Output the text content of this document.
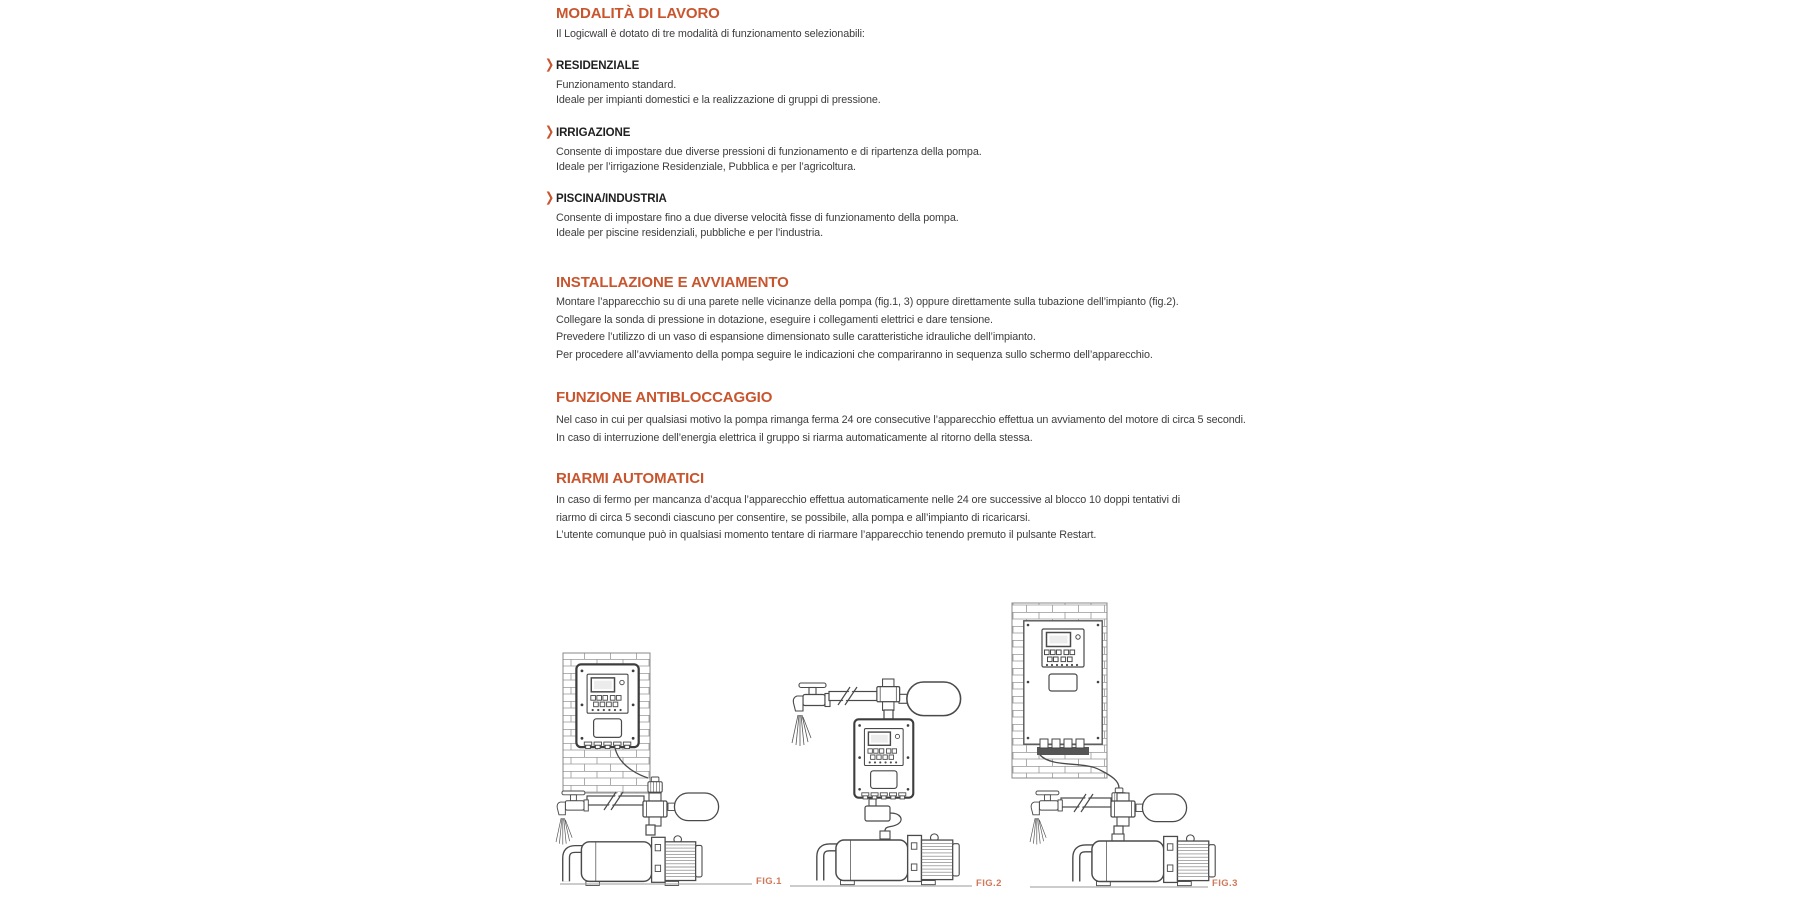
MODALITÀ DI LAVORO
Il Logicwall è dotato di tre modalità di funzionamento selezionabili:
❯ RESIDENZIALE
Funzionamento standard.
Ideale per impianti domestici e la realizzazione di gruppi di pressione.
❯ IRRIGAZIONE
Consente di impostare due diverse pressioni di funzionamento e di ripartenza della pompa.
Ideale per l’irrigazione Residenziale, Pubblica e per l’agricoltura.
❯ PISCINA/INDUSTRIA
Consente di impostare fino a due diverse velocità fisse di funzionamento della pompa.
Ideale per piscine residenziali, pubbliche e per l’industria.
INSTALLAZIONE E AVVIAMENTO
Montare l’apparecchio su di una parete nelle vicinanze della pompa (fig.1, 3) oppure direttamente sulla tubazione dell’impianto (fig.2).
Collegare la sonda di pressione in dotazione, eseguire i collegamenti elettrici e dare tensione.
Prevedere l’utilizzo di un vaso di espansione dimensionato sulle caratteristiche idrauliche dell’impianto.
Per procedere all’avviamento della pompa seguire le indicazioni che compariranno in sequenza sullo schermo dell’apparecchio.
FUNZIONE ANTIBLOCCAGGIO
Nel caso in cui per qualsiasi motivo la pompa rimanga ferma 24 ore consecutive l’apparecchio effettua un avviamento del motore di circa 5 secondi.
In caso di interruzione dell’energia elettrica il gruppo si riarma automaticamente al ritorno della stessa.
RIARMI AUTOMATICI
In caso di fermo per mancanza d’acqua l’apparecchio effettua automaticamente nelle 24 ore successive al blocco 10 doppi tentativi di
riarmo di circa 5 secondi ciascuno per consentire, se possibile, alla pompa e all’impianto di ricaricarsi.
L’utente comunque può in qualsiasi momento tentare di riarmare l’apparecchio tenendo premuto il pulsante Restart.
FIG.1	FIG.2	FIG.3
